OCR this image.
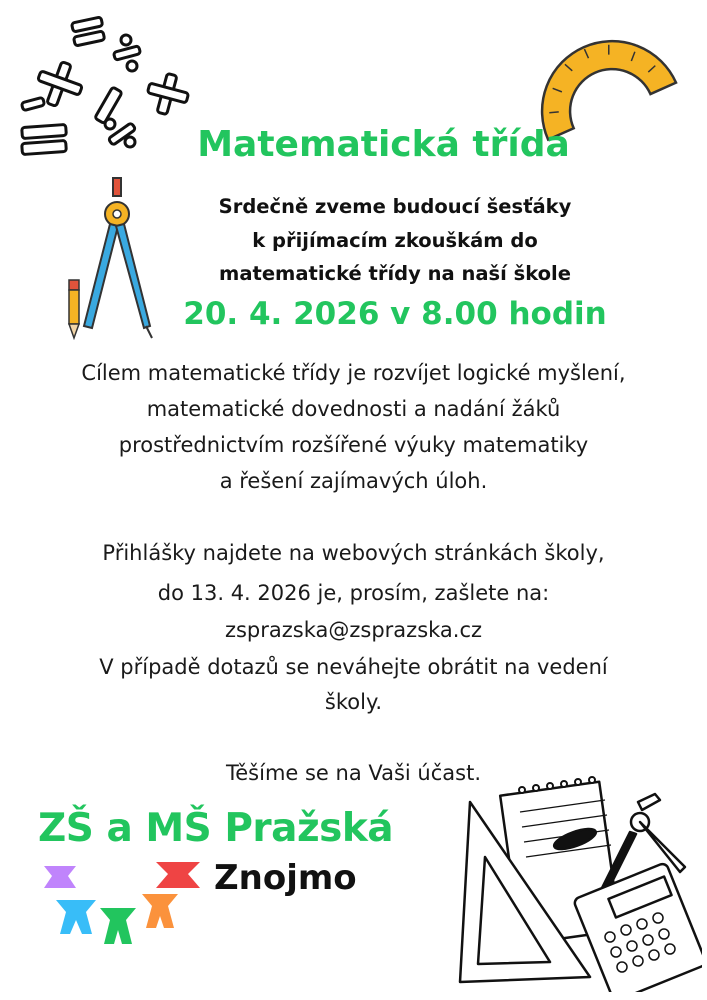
Matematická třída
Srdečně zveme budoucí šesťáky
k přijímacím zkouškám do
matematické třídy na naší škole
20. 4. 2026 v 8.00 hodin
Cílem matematické třídy je rozvíjet logické myšlení,
matematické dovednosti a nadání žáků
prostřednictvím rozšířené výuky matematiky
a řešení zajímavých úloh.
Přihlášky najdete na webových stránkách školy,
do 13. 4. 2026 je, prosím, zašlete na:
zsprazska@zsprazska.cz
V případě dotazů se neváhejte obrátit na vedení
školy.
Těšíme se na Vaši účast.
ZŠ a MŠ Pražská
Znojmo
